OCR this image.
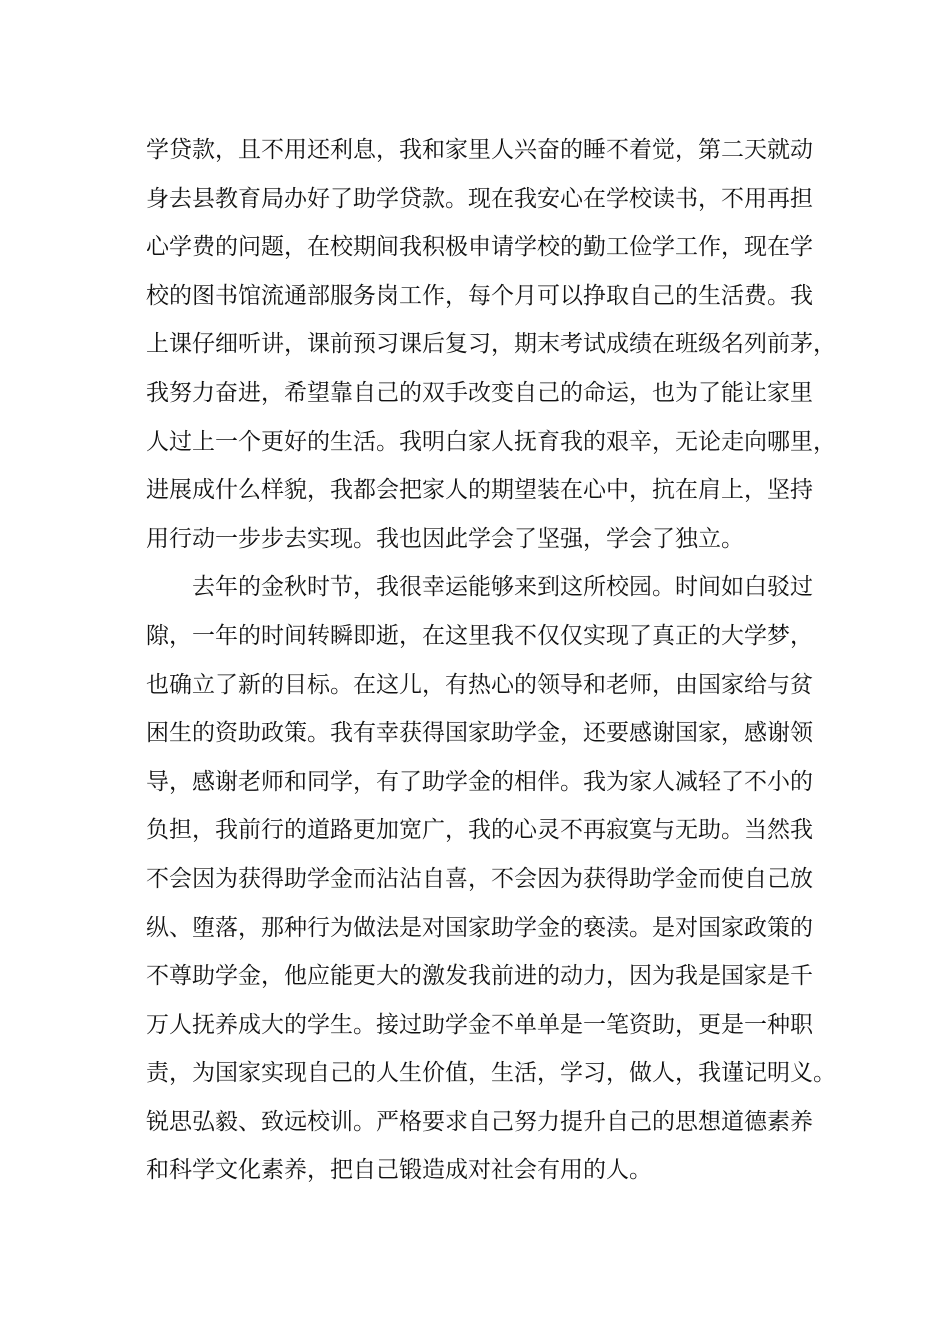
学贷款，且不用还利息，我和家里人兴奋的睡不着觉，第二天就动
身去县教育局办好了助学贷款。现在我安心在学校读书，不用再担
心学费的问题，在校期间我积极申请学校的勤工俭学工作，现在学
校的图书馆流通部服务岗工作，每个月可以挣取自己的生活费。我
上课仔细听讲，课前预习课后复习，期末考试成绩在班级名列前茅，
我努力奋进，希望靠自己的双手改变自己的命运，也为了能让家里
人过上一个更好的生活。我明白家人抚育我的艰辛，无论走向哪里，
进展成什么样貌，我都会把家人的期望装在心中，抗在肩上，坚持
用行动一步步去实现。我也因此学会了坚强，学会了独立。
去年的金秋时节，我很幸运能够来到这所校园。时间如白驳过
隙，一年的时间转瞬即逝，在这里我不仅仅实现了真正的大学梦，
也确立了新的目标。在这儿，有热心的领导和老师，由国家给与贫
困生的资助政策。我有幸获得国家助学金，还要感谢国家，感谢领
导，感谢老师和同学，有了助学金的相伴。我为家人减轻了不小的
负担，我前行的道路更加宽广，我的心灵不再寂寞与无助。当然我
不会因为获得助学金而沾沾自喜，不会因为获得助学金而使自己放
纵、堕落，那种行为做法是对国家助学金的亵渎。是对国家政策的
不尊助学金，他应能更大的激发我前进的动力，因为我是国家是千
万人抚养成大的学生。接过助学金不单单是一笔资助，更是一种职
责，为国家实现自己的人生价值，生活，学习，做人，我谨记明义。
锐思弘毅、致远校训。严格要求自己努力提升自己的思想道德素养
和科学文化素养，把自己锻造成对社会有用的人。
